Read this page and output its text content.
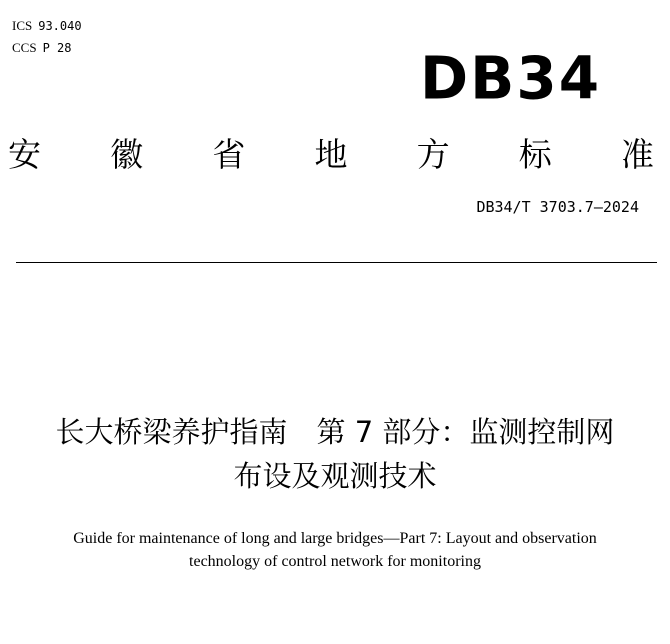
ICS 93.040
CCS P 28	DB34
安 徽 省 地 方 标 准
DB34/T 3703.7—2024
长大桥梁养护指南　第 7 部分：监测控制网
布设及观测技术
Guide for maintenance of long and large bridges—Part 7: Layout and observation
technology of control network for monitoring
